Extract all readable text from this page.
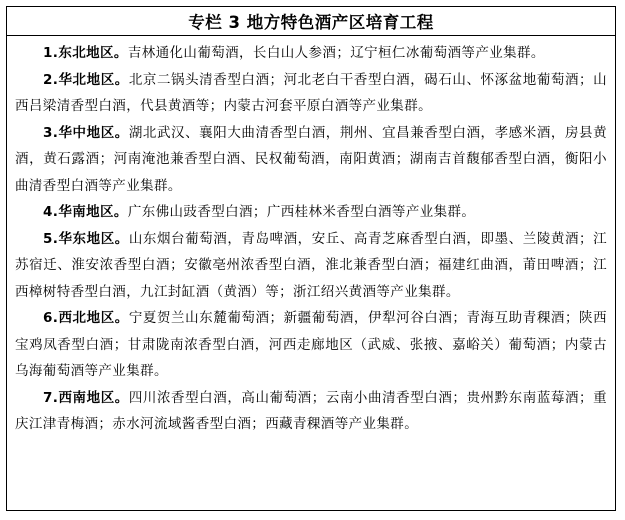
专栏 3 地方特色酒产区培育工程

1.东北地区。吉林通化山葡萄酒，长白山人参酒；辽宁桓仁冰葡萄酒等产业集群。

2.华北地区。北京二锅头清香型白酒；河北老白干香型白酒，碣石山、怀涿盆地葡萄酒；山西吕梁清香型白酒，代县黄酒等；内蒙古河套平原白酒等产业集群。

3.华中地区。湖北武汉、襄阳大曲清香型白酒，荆州、宜昌兼香型白酒，孝感米酒，房县黄酒，黄石露酒；河南淹池兼香型白酒、民权葡萄酒，南阳黄酒；湖南吉首馥郁香型白酒，衡阳小曲清香型白酒等产业集群。

4.华南地区。广东佛山豉香型白酒；广西桂林米香型白酒等产业集群。

5.华东地区。山东烟台葡萄酒，青岛啤酒，安丘、高青芝麻香型白酒，即墨、兰陵黄酒；江苏宿迁、淮安浓香型白酒；安徽亳州浓香型白酒，淮北兼香型白酒；福建红曲酒，莆田啤酒；江西樟树特香型白酒，九江封缸酒（黄酒）等；浙江绍兴黄酒等产业集群。

6.西北地区。宁夏贺兰山东麓葡萄酒；新疆葡萄酒，伊犁河谷白酒；青海互助青稞酒；陕西宝鸡凤香型白酒；甘肃陇南浓香型白酒，河西走廊地区（武威、张掖、嘉峪关）葡萄酒；内蒙古乌海葡萄酒等产业集群。

7.西南地区。四川浓香型白酒，高山葡萄酒；云南小曲清香型白酒；贵州黔东南蓝莓酒；重庆江津青梅酒；赤水河流域酱香型白酒；西藏青稞酒等产业集群。
